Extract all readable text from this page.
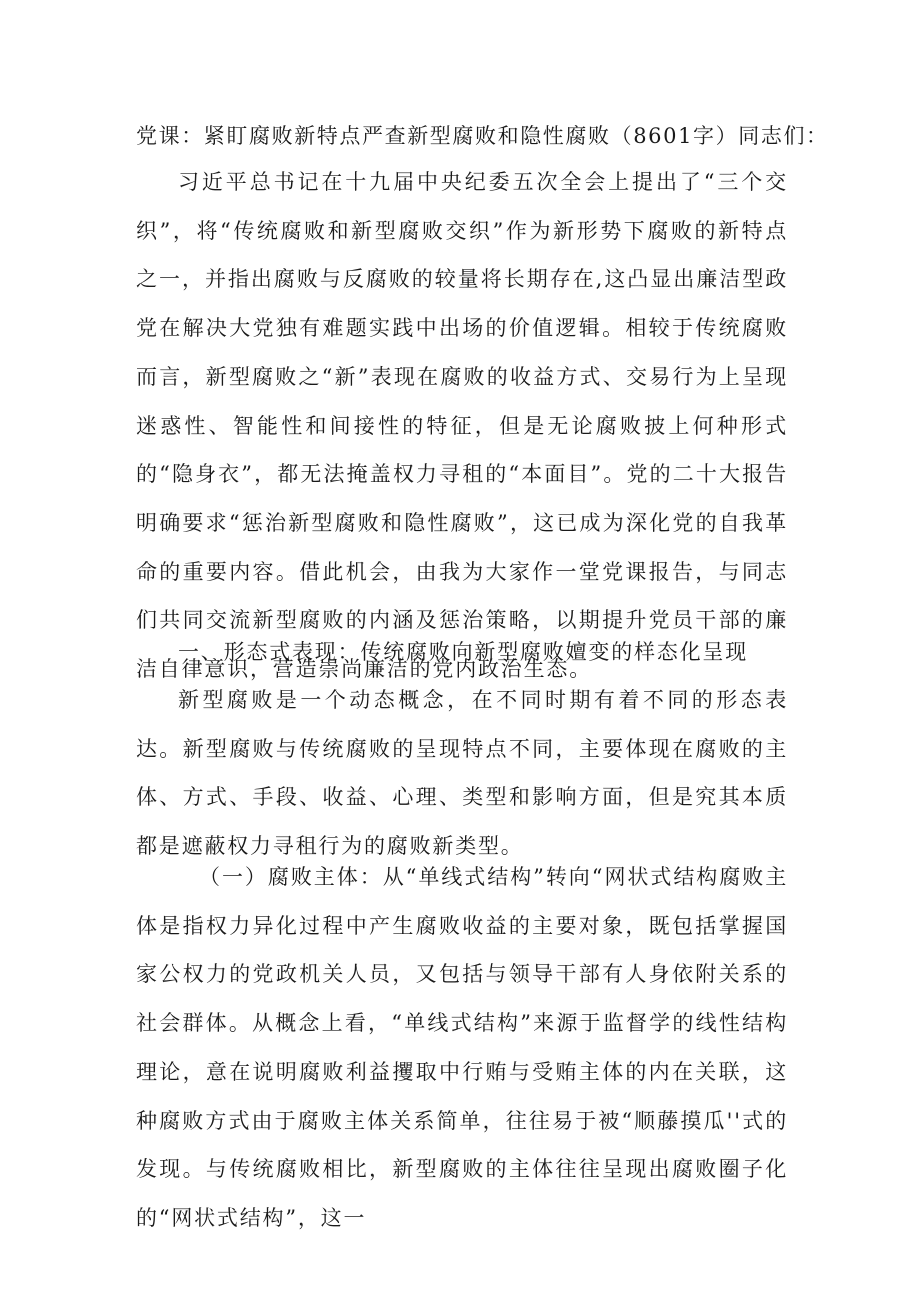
党课：紧盯腐败新特点严查新型腐败和隐性腐败（8601字）同志们：

习近平总书记在十九届中央纪委五次全会上提出了“三个交织”，将“传统腐败和新型腐败交织”作为新形势下腐败的新特点之一，并指出腐败与反腐败的较量将长期存在,这凸显出廉洁型政党在解决大党独有难题实践中出场的价值逻辑。相较于传统腐败而言，新型腐败之“新”表现在腐败的收益方式、交易行为上呈现迷惑性、智能性和间接性的特征，但是无论腐败披上何种形式的“隐身衣”，都无法掩盖权力寻租的“本面目”。党的二十大报告明确要求“惩治新型腐败和隐性腐败”，这已成为深化党的自我革命的重要内容。借此机会，由我为大家作一堂党课报告，与同志们共同交流新型腐败的内涵及惩治策略，以期提升党员干部的廉洁自律意识，营造崇尚廉洁的党内政治生态。

一、形态式表现：传统腐败向新型腐败嬗变的样态化呈现

新型腐败是一个动态概念，在不同时期有着不同的形态表达。新型腐败与传统腐败的呈现特点不同，主要体现在腐败的主体、方式、手段、收益、心理、类型和影响方面，但是究其本质都是遮蔽权力寻租行为的腐败新类型。

（一）腐败主体：从“单线式结构”转向“网状式结构腐败主体是指权力异化过程中产生腐败收益的主要对象，既包括掌握国家公权力的党政机关人员，又包括与领导干部有人身依附关系的社会群体。从概念上看，“单线式结构”来源于监督学的线性结构理论，意在说明腐败利益攫取中行贿与受贿主体的内在关联，这种腐败方式由于腐败主体关系简单，往往易于被“顺藤摸瓜''式的发现。与传统腐败相比，新型腐败的主体往往呈现出腐败圈子化的“网状式结构”，这一
